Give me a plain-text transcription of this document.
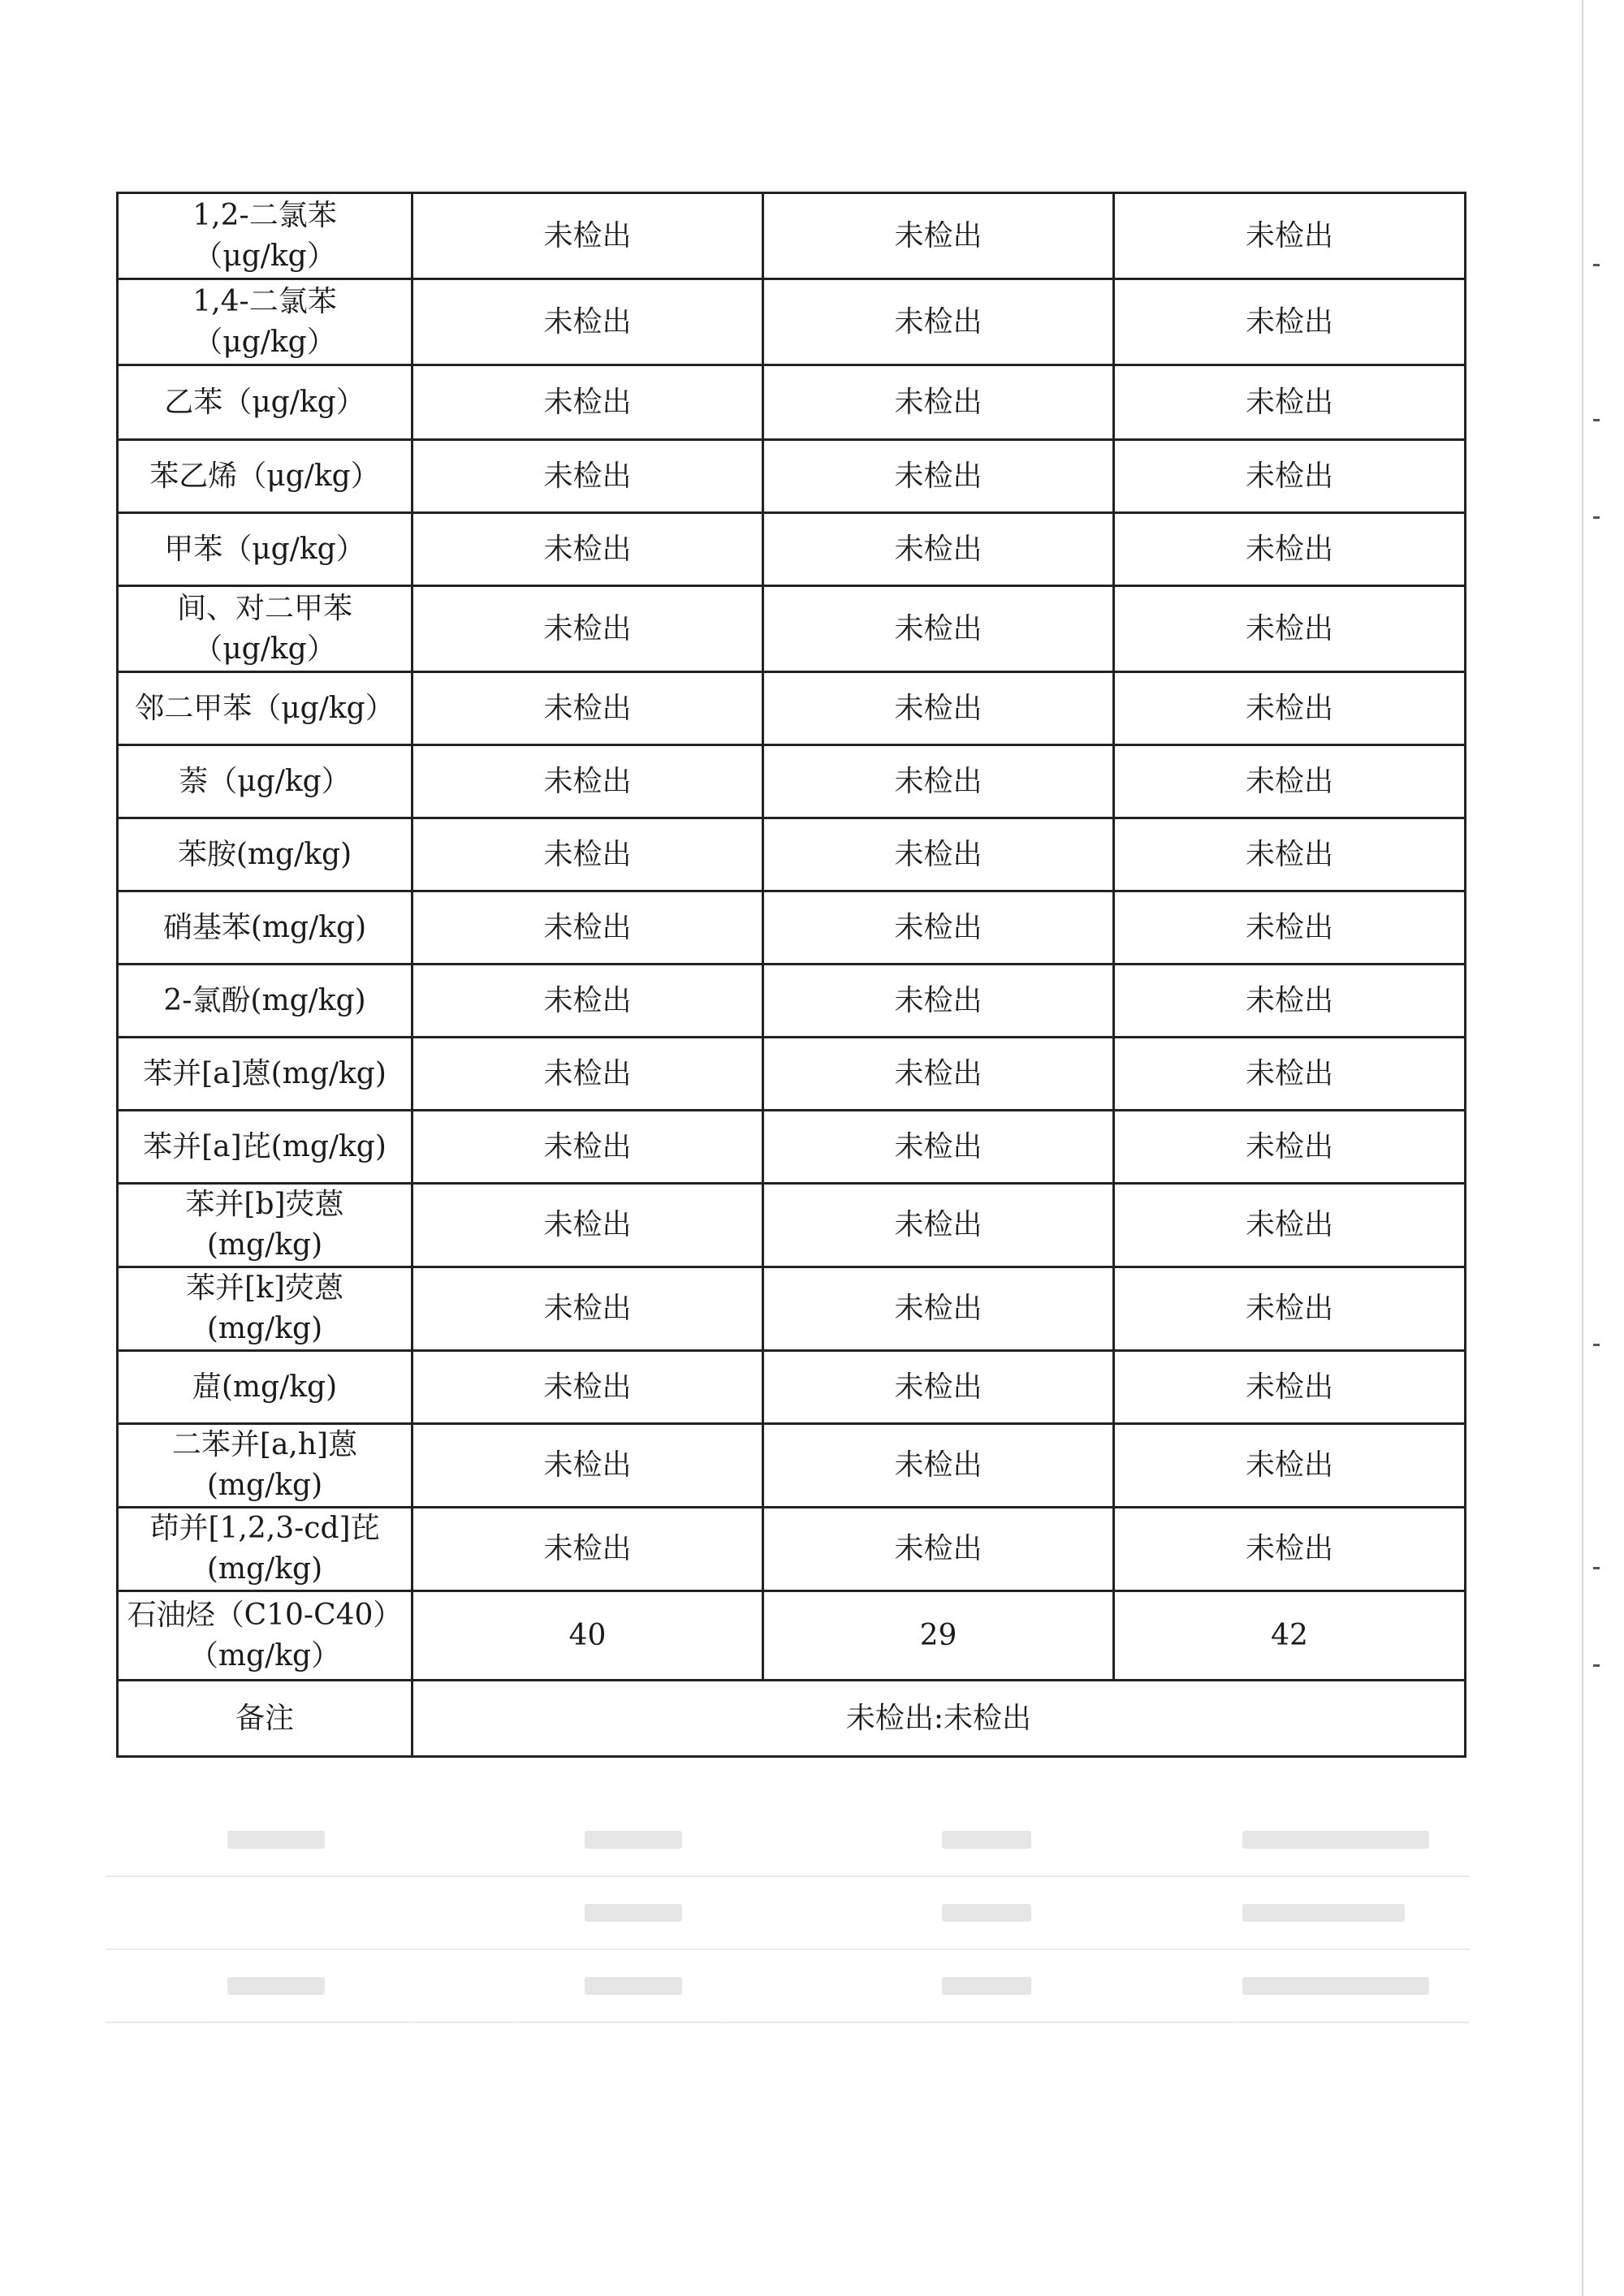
1,2-二氯苯
（μg/kg）	未检出	未检出	未检出

1,4-二氯苯
（μg/kg）	未检出	未检出	未检出

乙苯（μg/kg）	未检出	未检出	未检出

苯乙烯（μg/kg）	未检出	未检出	未检出

甲苯（μg/kg）	未检出	未检出	未检出

间、对二甲苯
（μg/kg）	未检出	未检出	未检出

邻二甲苯（μg/kg）	未检出	未检出	未检出

萘（μg/kg）	未检出	未检出	未检出

苯胺(mg/kg)	未检出	未检出	未检出

硝基苯(mg/kg)	未检出	未检出	未检出

2-氯酚(mg/kg)	未检出	未检出	未检出

苯并[a]蒽(mg/kg)	未检出	未检出	未检出

苯并[a]芘(mg/kg)	未检出	未检出	未检出

苯并[b]荧蒽
(mg/kg)	未检出	未检出	未检出

苯并[k]荧蒽
(mg/kg)	未检出	未检出	未检出

䓛(mg/kg)	未检出	未检出	未检出

二苯并[a,h]蒽
(mg/kg)	未检出	未检出	未检出

茚并[1,2,3-cd]芘
(mg/kg)	未检出	未检出	未检出

石油烃（C10-C40）
（mg/kg）	40	29	42
备注	未检出:未检出		
